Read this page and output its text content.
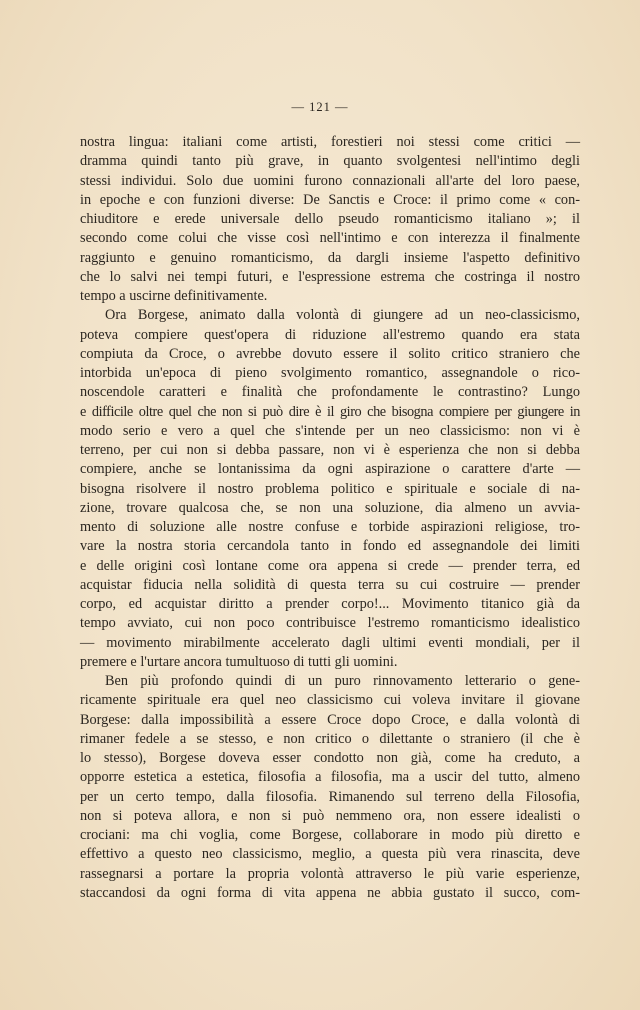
— 121 —
nostra lingua: italiani come artisti, forestieri noi stessi come critici —
dramma quindi tanto più grave, in quanto svolgentesi nell'intimo degli
stessi individui. Solo due uomini furono connazionali all'arte del loro paese,
in epoche e con funzioni diverse: De Sanctis e Croce: il primo come « con-
chiuditore e erede universale dello pseudo romanticismo italiano »; il
secondo come colui che visse così nell'intimo e con interezza il finalmente
raggiunto e genuino romanticismo, da dargli insieme l'aspetto definitivo
che lo salvi nei tempi futuri, e l'espressione estrema che costringa il nostro
tempo a uscirne definitivamente.
Ora Borgese, animato dalla volontà di giungere ad un neo-classicismo,
poteva compiere quest'opera di riduzione all'estremo quando era stata
compiuta da Croce, o avrebbe dovuto essere il solito critico straniero che
intorbida un'epoca di pieno svolgimento romantico, assegnandole o rico-
noscendole caratteri e finalità che profondamente le contrastino? Lungo
e difficile oltre quel che non si può dire è il giro che bisogna compiere per giungere in
modo serio e vero a quel che s'intende per un neo classicismo: non vi è
terreno, per cui non si debba passare, non vi è esperienza che non si debba
compiere, anche se lontanissima da ogni aspirazione o carattere d'arte —
bisogna risolvere il nostro problema politico e spirituale e sociale di na-
zione, trovare qualcosa che, se non una soluzione, dia almeno un avvia-
mento di soluzione alle nostre confuse e torbide aspirazioni religiose, tro-
vare la nostra storia cercandola tanto in fondo ed assegnandole dei limiti
e delle origini così lontane come ora appena si crede — prender terra, ed
acquistar fiducia nella solidità di questa terra su cui costruire — prender
corpo, ed acquistar diritto a prender corpo!... Movimento titanico già da
tempo avviato, cui non poco contribuisce l'estremo romanticismo idealistico
— movimento mirabilmente accelerato dagli ultimi eventi mondiali, per il
premere e l'urtare ancora tumultuoso di tutti gli uomini.
Ben più profondo quindi di un puro rinnovamento letterario o gene-
ricamente spirituale era quel neo classicismo cui voleva invitare il giovane
Borgese: dalla impossibilità a essere Croce dopo Croce, e dalla volontà di
rimaner fedele a se stesso, e non critico o dilettante o straniero (il che è
lo stesso), Borgese doveva esser condotto non già, come ha creduto, a
opporre estetica a estetica, filosofia a filosofia, ma a uscir del tutto, almeno
per un certo tempo, dalla filosofia. Rimanendo sul terreno della Filosofia,
non si poteva allora, e non si può nemmeno ora, non essere idealisti o
crociani: ma chi voglia, come Borgese, collaborare in modo più diretto e
effettivo a questo neo classicismo, meglio, a questa più vera rinascita, deve
rassegnarsi a portare la propria volontà attraverso le più varie esperienze,
staccandosi da ogni forma di vita appena ne abbia gustato il succo, com-
